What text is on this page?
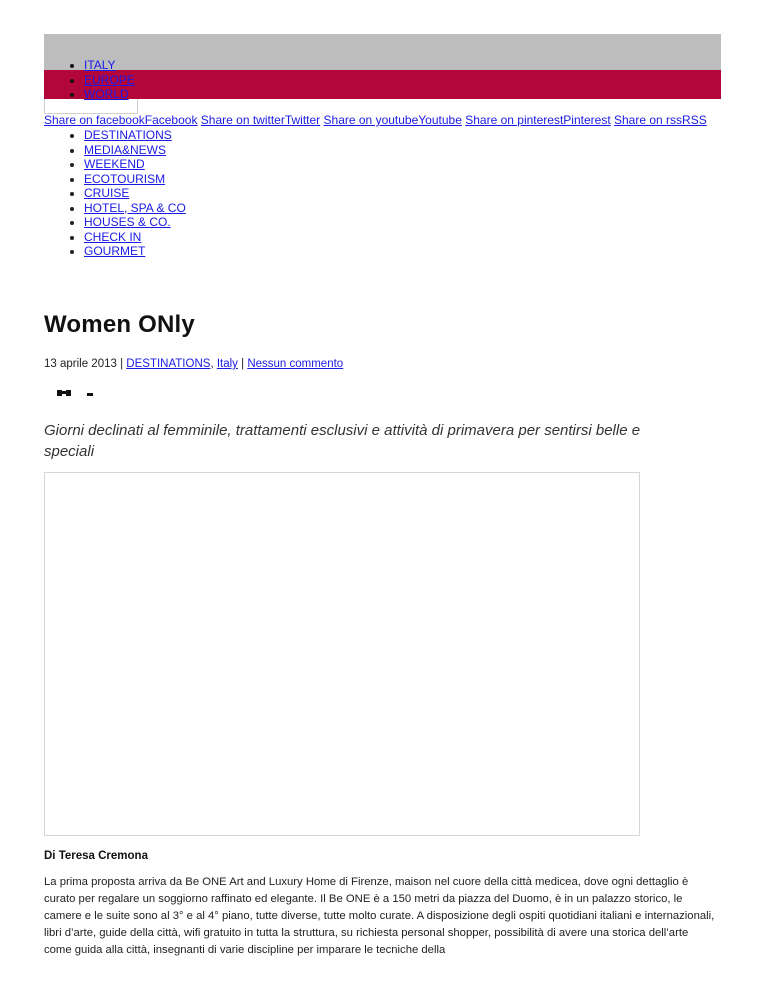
• ITALY
• EUROPE
• WORLD
Share on facebookFacebook Share on twitterTwitter Share on youtubeYoutube Share on pinterestPinterest Share on rssRSS
• DESTINATIONS
• MEDIA&NEWS
• WEEKEND
• ECOTOURISM
• CRUISE
• HOTEL, SPA & CO
• HOUSES & CO.
• CHECK IN
• GOURMET
Women ONly
13 aprile 2013 | DESTINATIONS, Italy | Nessun commento

Giorni declinati al femminile, trattamenti esclusivi e attività di primavera per sentirsi belle e speciali

Di Teresa Cremona

La prima proposta arriva da Be ONE Art and Luxury Home di Firenze, maison nel cuore della città medicea, dove ogni dettaglio è curato per regalare un soggiorno raffinato ed elegante. Il Be ONE è a 150 metri da piazza del Duomo, è in un palazzo storico, le camere e le suite sono al 3° e al 4° piano, tutte diverse, tutte molto curate. A disposizione degli ospiti quotidiani italiani e internazionali, libri d’arte, guide della città, wifi gratuito in tutta la struttura, su richiesta personal shopper, possibilità di avere una storica dell’arte come guida alla città, insegnanti di varie discipline per imparare le tecniche della
